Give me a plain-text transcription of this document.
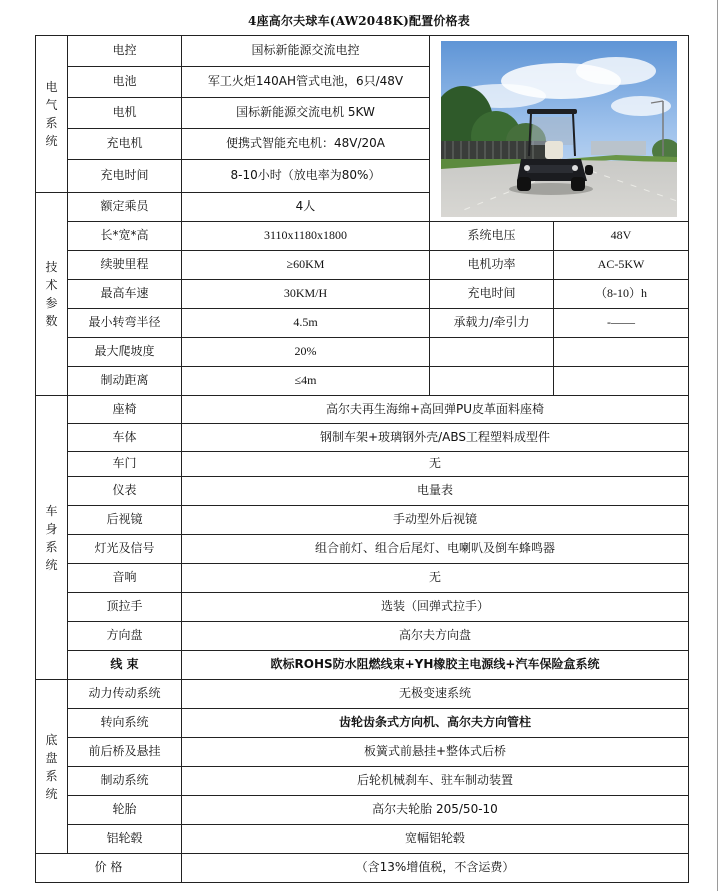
4座高尔夫球车(AW2048K)配置价格表
电气系统	电控	国标新能源交流电控	

	电池	军工火炬140AH管式电池，6只/48V		
	电机	国标新能源交流电机 5KW		
	充电机	便携式智能充电机：48V/20A		
	充电时间	8-10小时（放电率为80%）		
技术参数	额定乘员	4人		
	长*宽*高	3110x1180x1800	系统电压	48V
	续驶里程	≥60KM	电机功率	AC-5KW
	最高车速	30KM/H	充电时间	（8-10）h
	最小转弯半径	4.5m	承载力/牵引力	-——
	最大爬坡度	20%		
	制动距离	≤4m		
车身系统	座椅	高尔夫再生海绵+高回弹PU皮革面料座椅		
	车体	钢制车架+玻璃钢外壳/ABS工程塑料成型件		
	车门	无		
	仪表	电量表		
	后视镜	手动型外后视镜		
	灯光及信号	组合前灯、组合后尾灯、电喇叭及倒车蜂鸣器		
	音响	无		
	顶拉手	选装（回弹式拉手）		
	方向盘	高尔夫方向盘		
	线 束	欧标ROHS防水阻燃线束+YH橡胶主电源线+汽车保险盒系统		
底盘系统	动力传动系统	无极变速系统		
	转向系统	齿轮齿条式方向机、高尔夫方向管柱		
	前后桥及悬挂	板簧式前悬挂+整体式后桥		
	制动系统	后轮机械刹车、驻车制动装置		
	轮胎	高尔夫轮胎 205/50-10		
	铝轮毂	宽幅铝轮毂		
价 格		（含13%增值税，不含运费）		
